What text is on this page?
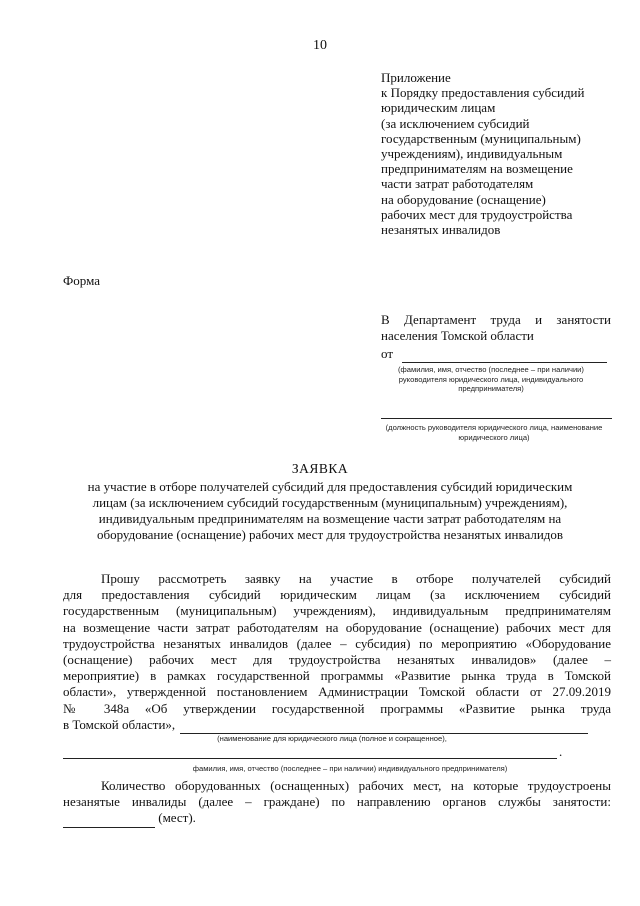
10
Приложение
к Порядку предоставления субсидий
юридическим лицам
(за исключением субсидий
государственным (муниципальным)
учреждениям), индивидуальным
предпринимателям на возмещение
части затрат работодателям
на оборудование (оснащение)
рабочих мест для трудоустройства
незанятых инвалидов
Форма
В Департамент труда и занятости населения Томской области
от
(фамилия, имя, отчество (последнее – при наличии) руководителя юридического лица, индивидуального предпринимателя)
(должность руководителя юридического лица, наименование юридического лица)
ЗАЯВКА
на участие в отборе получателей субсидий для предоставления субсидий юридическим
лицам (за исключением субсидий государственным (муниципальным) учреждениям),
индивидуальным предпринимателям на возмещение части затрат работодателям на
оборудование (оснащение) рабочих мест для трудоустройства незанятых инвалидов
Прошу рассмотреть заявку на участие в отборе получателей субсидий
для предоставления субсидий юридическим лицам (за исключением субсидий
государственным (муниципальным) учреждениям), индивидуальным предпринимателям
на возмещение части затрат работодателям на оборудование (оснащение) рабочих мест для
трудоустройства незанятых инвалидов (далее – субсидия) по мероприятию «Оборудование
(оснащение) рабочих мест для трудоустройства незанятых инвалидов» (далее –
мероприятие) в рамках государственной программы «Развитие рынка труда в Томской
области», утвержденной постановлением Администрации Томской области от 27.09.2019
№ 348а «Об утверждении государственной программы «Развитие рынка труда
в Томской области»,
(наименование для юридического лица (полное и сокращенное),
.
фамилия, имя, отчество (последнее – при наличии) индивидуального предпринимателя)
Количество оборудованных (оснащенных) рабочих мест, на которые трудоустроены
незанятые инвалиды (далее – граждане) по направлению органов службы занятости:
(мест).
